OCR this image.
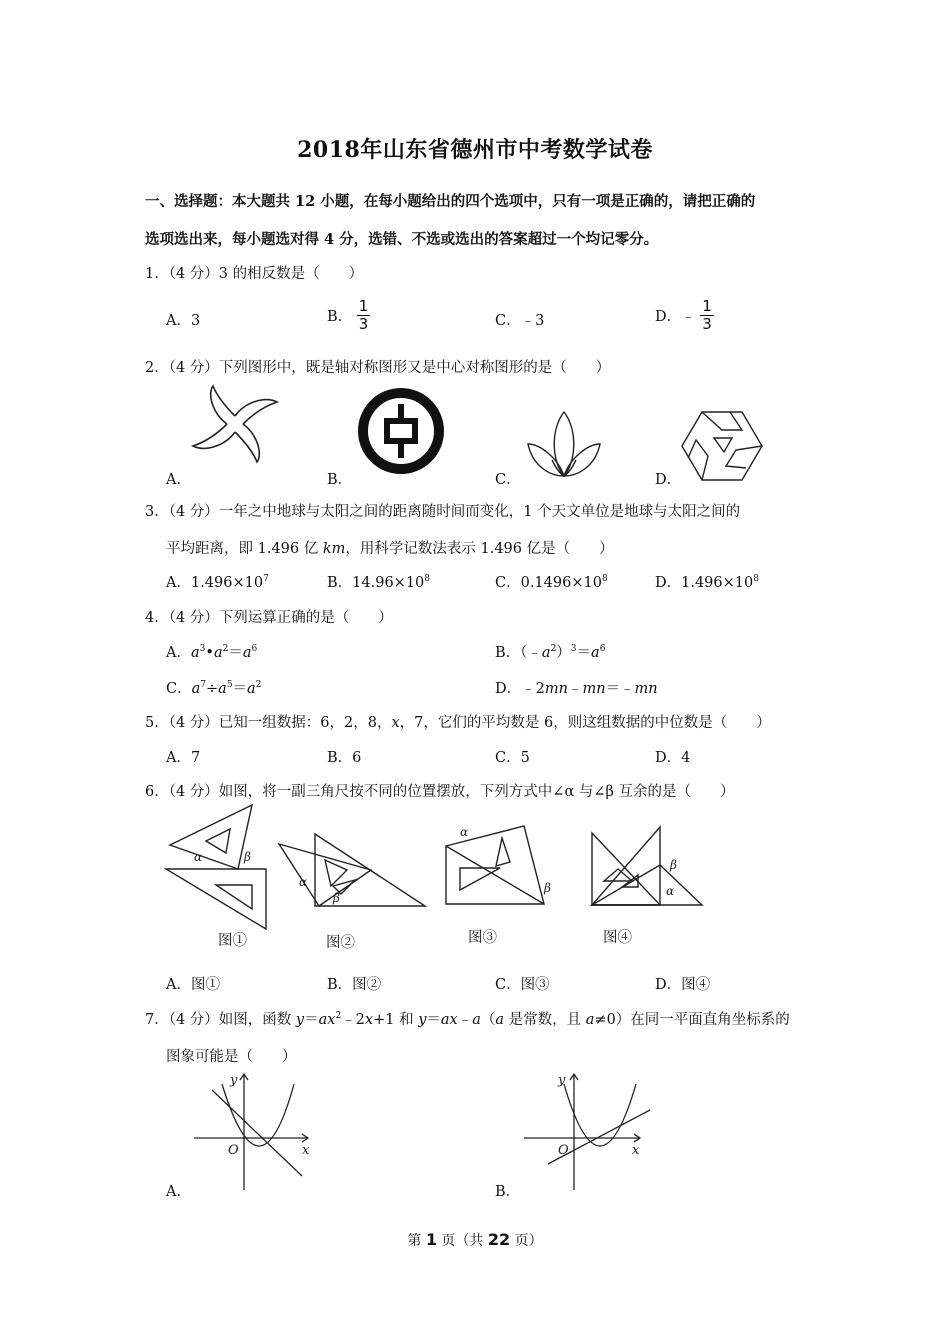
2018年山东省德州市中考数学试卷
一、选择题：本大题共 12 小题，在每小题给出的四个选项中，只有一项是正确的，请把正确的
选项选出来，每小题选对得 4 分，选错、不选或选出的答案超过一个均记零分。
1．（4 分）3 的相反数是（　　）
A．3	B． $\frac{1}{3}$	C．﹣3	D．﹣ $\frac{1}{3}$
2．（4 分）下列图形中，既是轴对称图形又是中心对称图形的是（　　）
A．	B．	C．	D．
3．（4 分）一年之中地球与太阳之间的距离随时间而变化，1 个天文单位是地球与太阳之间的
平均距离，即 1.496 亿 km，用科学记数法表示 1.496 亿是（　　）
A．$1.496\times 10^7$	B．$14.96\times 10^8$	C．$0.1496\times 10^8$	D．$1.496\times 10^8$
4．（4 分）下列运算正确的是（　　）
A．$a^3•a^2=a^6$	B．$(﹣a^2)^3=a^6$
C．$a^7\div a^5=a^2$	D．﹣2mn﹣mn＝﹣mn
5．（4 分）已知一组数据：6，2，8，x，7，它们的平均数是 6，则这组数据的中位数是（　　）
A．7	B．6	C．5	D．4
6．（4 分）如图，将一副三角尺按不同的位置摆放，下列方式中∠α 与∠β 互余的是（　　）
α	β
图①
α
β
图②
α
β
图③
β
α
图④
A．图①	B．图②	C．图③	D．图④
7．（4 分）如图，函数 $y=ax^2﹣2x+1$ 和 y＝ax﹣a（a 是常数，且 a≠0）在同一平面直角坐标系的
图象可能是（　　）
y
x
O
A．
y
x
O
B．
第 1 页（共 22 页）
